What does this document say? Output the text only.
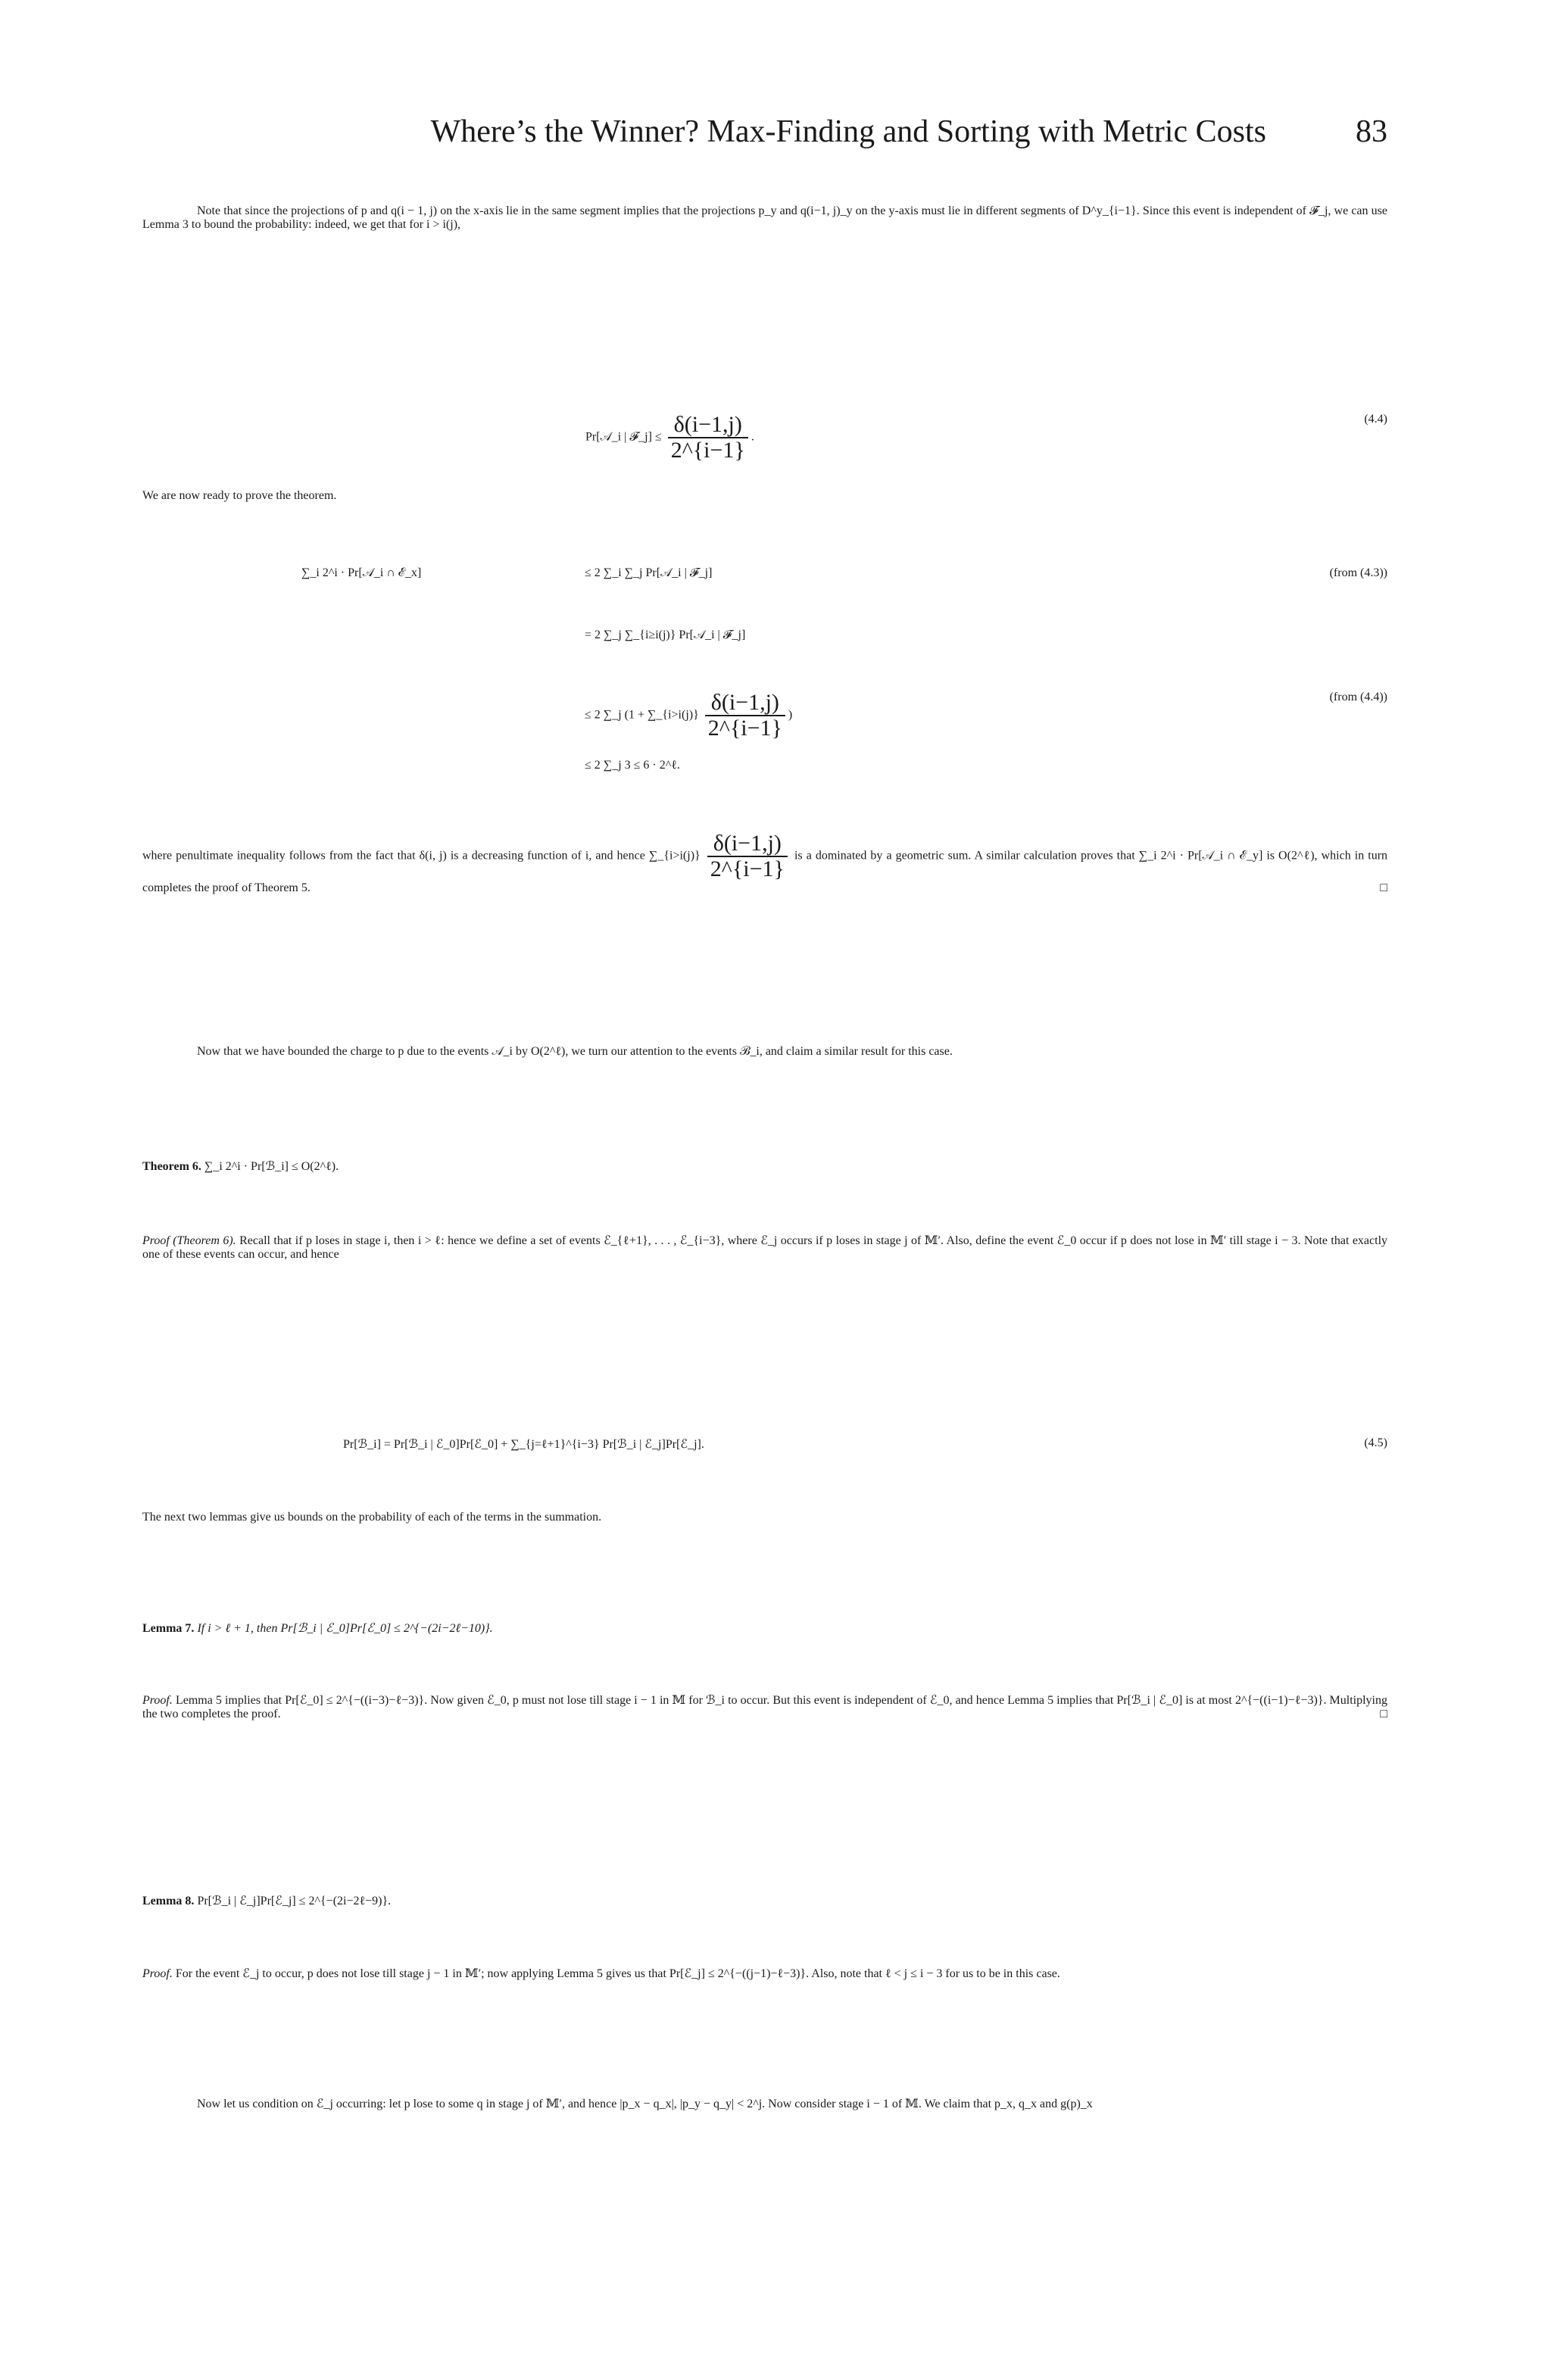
Where’s the Winner? Max-Finding and Sorting with Metric Costs	83

Note that since the projections of p and q(i − 1, j) on the x-axis lie in the same segment implies that the projections p_y and q(i−1, j)_y on the y-axis must lie in different segments of D^y_{i−1}. Since this event is independent of 𝓕_j, we can use Lemma 3 to bound the probability: indeed, we get that for i > i(j),

Pr[𝒜_i | 𝓕_j] ≤ $\frac{\delta(i-1,j)}{2\^{}\{i-1\}}$ .
(4.4)

We are now ready to prove the theorem.

∑_i 2^i · Pr[𝒜_i ∩ ℰ_x]	≤ 2 ∑_i ∑_j Pr[𝒜_i | 𝓕_j]	(from (4.3))
= 2 ∑_j ∑_{i≥i(j)} Pr[𝒜_i | 𝓕_j]
≤ 2 ∑_j (1 + ∑_{i>i(j)} $\frac{\delta(i-1,j)}{2\^{}\{i-1\}}$ )
(from (4.4))
≤ 2 ∑_j 3 ≤ 6 · 2^ℓ.

where penultimate inequality follows from the fact that δ(i, j) is a decreasing function of i, and hence ∑_{i>i(j)} $\frac{\delta(i-1,j)}{2\^{}\{i-1\}}$ is a dominated by a geometric sum. A similar calculation proves that ∑_i 2^i · Pr[𝒜_i ∩ ℰ_y] is O(2^ℓ), which in turn completes the proof of Theorem 5.	□

Now that we have bounded the charge to p due to the events 𝒜_i by O(2^ℓ), we turn our attention to the events ℬ_i, and claim a similar result for this case.

Theorem 6. ∑_i 2^i · Pr[ℬ_i] ≤ O(2^ℓ).

Proof (Theorem 6). Recall that if p loses in stage i, then i > ℓ: hence we define a set of events ℰ_{ℓ+1}, . . . , ℰ_{i−3}, where ℰ_j occurs if p loses in stage j of 𝕄′. Also, define the event ℰ_0 occur if p does not lose in 𝕄′ till stage i − 3. Note that exactly one of these events can occur, and hence

Pr[ℬ_i] = Pr[ℬ_i | ℰ_0]Pr[ℰ_0] + ∑_{j=ℓ+1}^{i−3} Pr[ℬ_i | ℰ_j]Pr[ℰ_j].	(4.5)

The next two lemmas give us bounds on the probability of each of the terms in the summation.

Lemma 7. If i > ℓ + 1, then Pr[ℬ_i | ℰ_0]Pr[ℰ_0] ≤ 2^{−(2i−2ℓ−10)}.

Proof. Lemma 5 implies that Pr[ℰ_0] ≤ 2^{−((i−3)−ℓ−3)}. Now given ℰ_0, p must not lose till stage i − 1 in 𝕄 for ℬ_i to occur. But this event is independent of ℰ_0, and hence Lemma 5 implies that Pr[ℬ_i | ℰ_0] is at most 2^{−((i−1)−ℓ−3)}. Multiplying the two completes the proof.	□

Lemma 8. Pr[ℬ_i | ℰ_j]Pr[ℰ_j] ≤ 2^{−(2i−2ℓ−9)}.

Proof. For the event ℰ_j to occur, p does not lose till stage j − 1 in 𝕄′; now applying Lemma 5 gives us that Pr[ℰ_j] ≤ 2^{−((j−1)−ℓ−3)}. Also, note that ℓ < j ≤ i − 3 for us to be in this case.

Now let us condition on ℰ_j occurring: let p lose to some q in stage j of 𝕄′, and hence |p_x − q_x|, |p_y − q_y| < 2^j. Now consider stage i − 1 of 𝕄. We claim that p_x, q_x and g(p)_x
